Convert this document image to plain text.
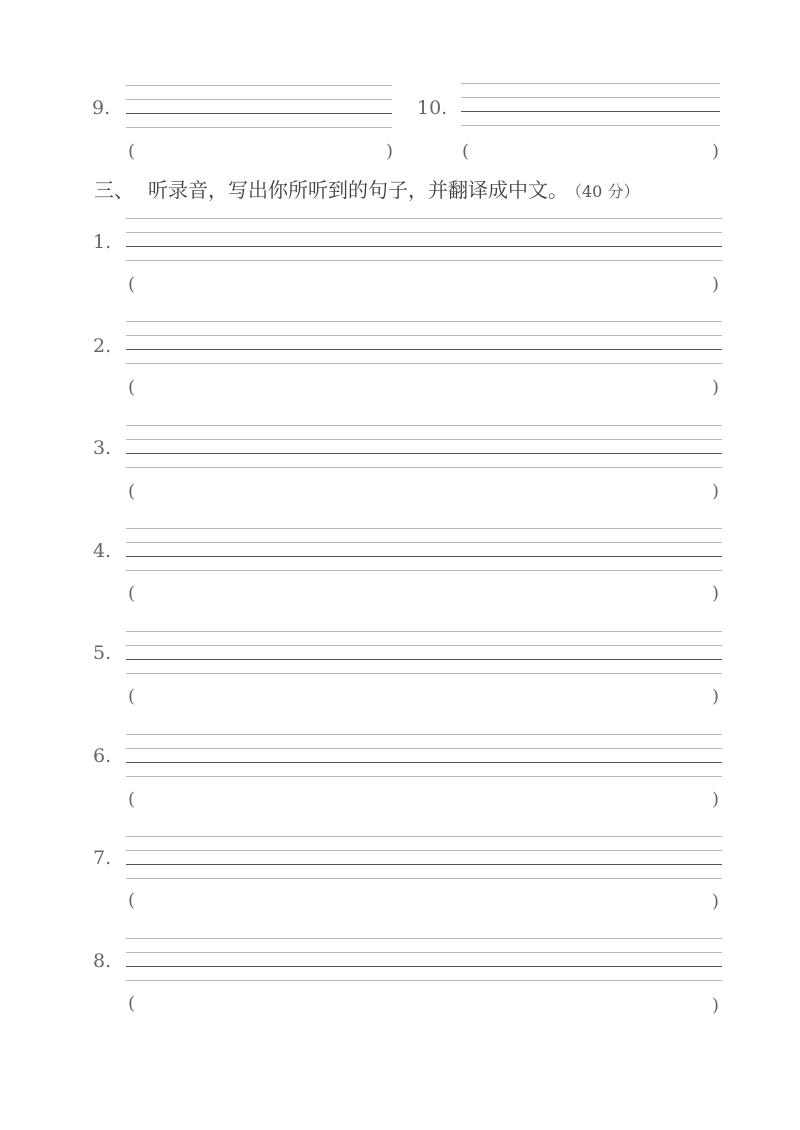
9.
(	)
10.
(	)
三、 听录音，写出你所听到的句子，并翻译成中文。 （40 分）
1.
(	)
2.
(	)
3.
(	)
4.
(	)
5.
(	)
6.
(	)
7.
(	)
8.
(	)
